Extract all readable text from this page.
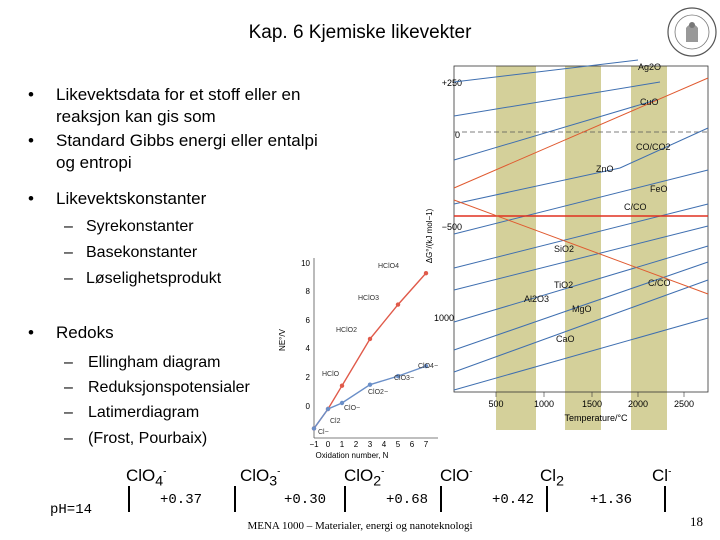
Kap. 6 Kjemiske likevekter
• Likevektsdata for et stoff eller en
reaksjon kan gis som
• Standard Gibbs energi eller entalpi
og entropi
• Likevektskonstanter
– Syrekonstanter
– Basekonstanter
– Løselighetsprodukt
• Redoks
– Ellingham diagram
– Reduksjonspotensialer
– Latimerdiagram
– (Frost, Pourbaix)
NE°/V
10
8
6
4
2
0
−1 0 1 2 3 4 5 6 7
Oxidation number, N
HClO4
HClO3
HClO2
HClO
Cl2
Cl−
ClO4−
ClO3−
ClO2−
ClO−
ΔG°/(kJ mol−1)
+250
0
−500
1000
500	1000	1500	2000	2500
Temperature/°C
Ag2O
CuO
CO/CO2
ZnO
FeO
C/CO
SiO2
TiO2	C/CO
Al2O3
MgO
CaO
ClO$_4$-	ClO$_3$-	ClO$_2$-	ClO-	$Cl_2$	Cl-
pH=14
+0.37	+0.30	+0.68	+0.42	+1.36
MENA 1000 – Materialer, energi og nanoteknologi	18
